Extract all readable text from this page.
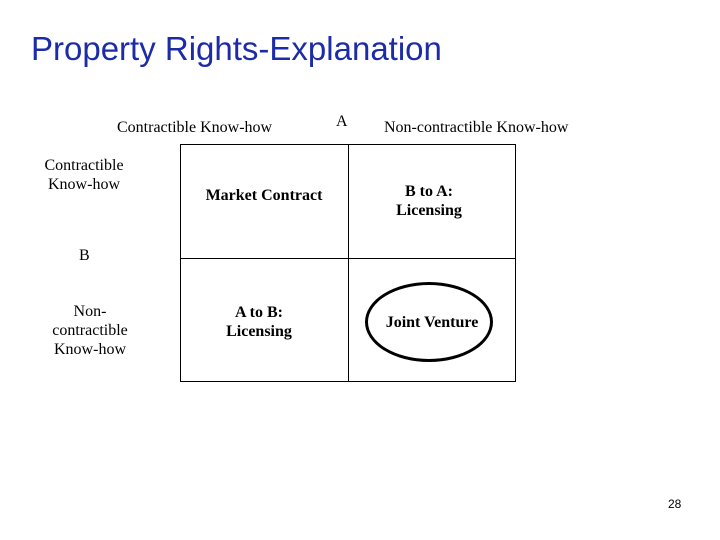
Property Rights-Explanation
Contractible Know-how	A Non-contractible Know-how
Contractible
Know-how
B
Non-
contractible
Know-how
Market Contract	B to A:
Licensing
A to B:
Licensing
Joint Venture
28
